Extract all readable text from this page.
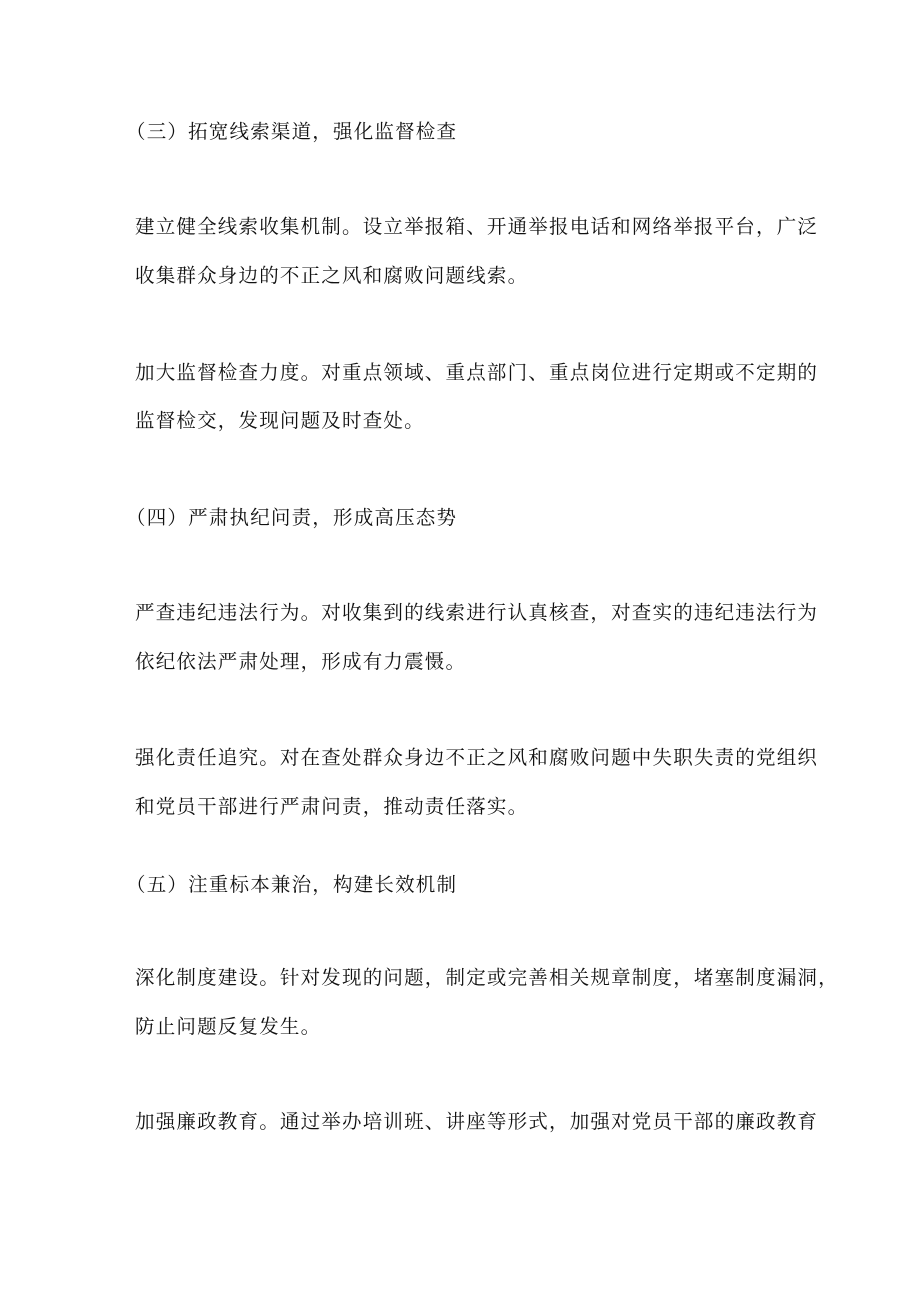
（三）拓宽线索渠道，强化监督检查
建立健全线索收集机制。设立举报箱、开通举报电话和网络举报平台，广泛
收集群众身边的不正之风和腐败问题线索。
加大监督检查力度。对重点领域、重点部门、重点岗位进行定期或不定期的
监督检交，发现问题及时查处。
（四）严肃执纪问责，形成高压态势
严查违纪违法行为。对收集到的线索进行认真核查，对查实的违纪违法行为
依纪依法严肃处理，形成有力震慑。
强化责任追究。对在查处群众身边不正之风和腐败问题中失职失责的党组织
和党员干部进行严肃问责，推动责任落实。
（五）注重标本兼治，构建长效机制
深化制度建设。针对发现的问题，制定或完善相关规章制度，堵塞制度漏洞，
防止问题反复发生。
加强廉政教育。通过举办培训班、讲座等形式，加强对党员干部的廉政教育
